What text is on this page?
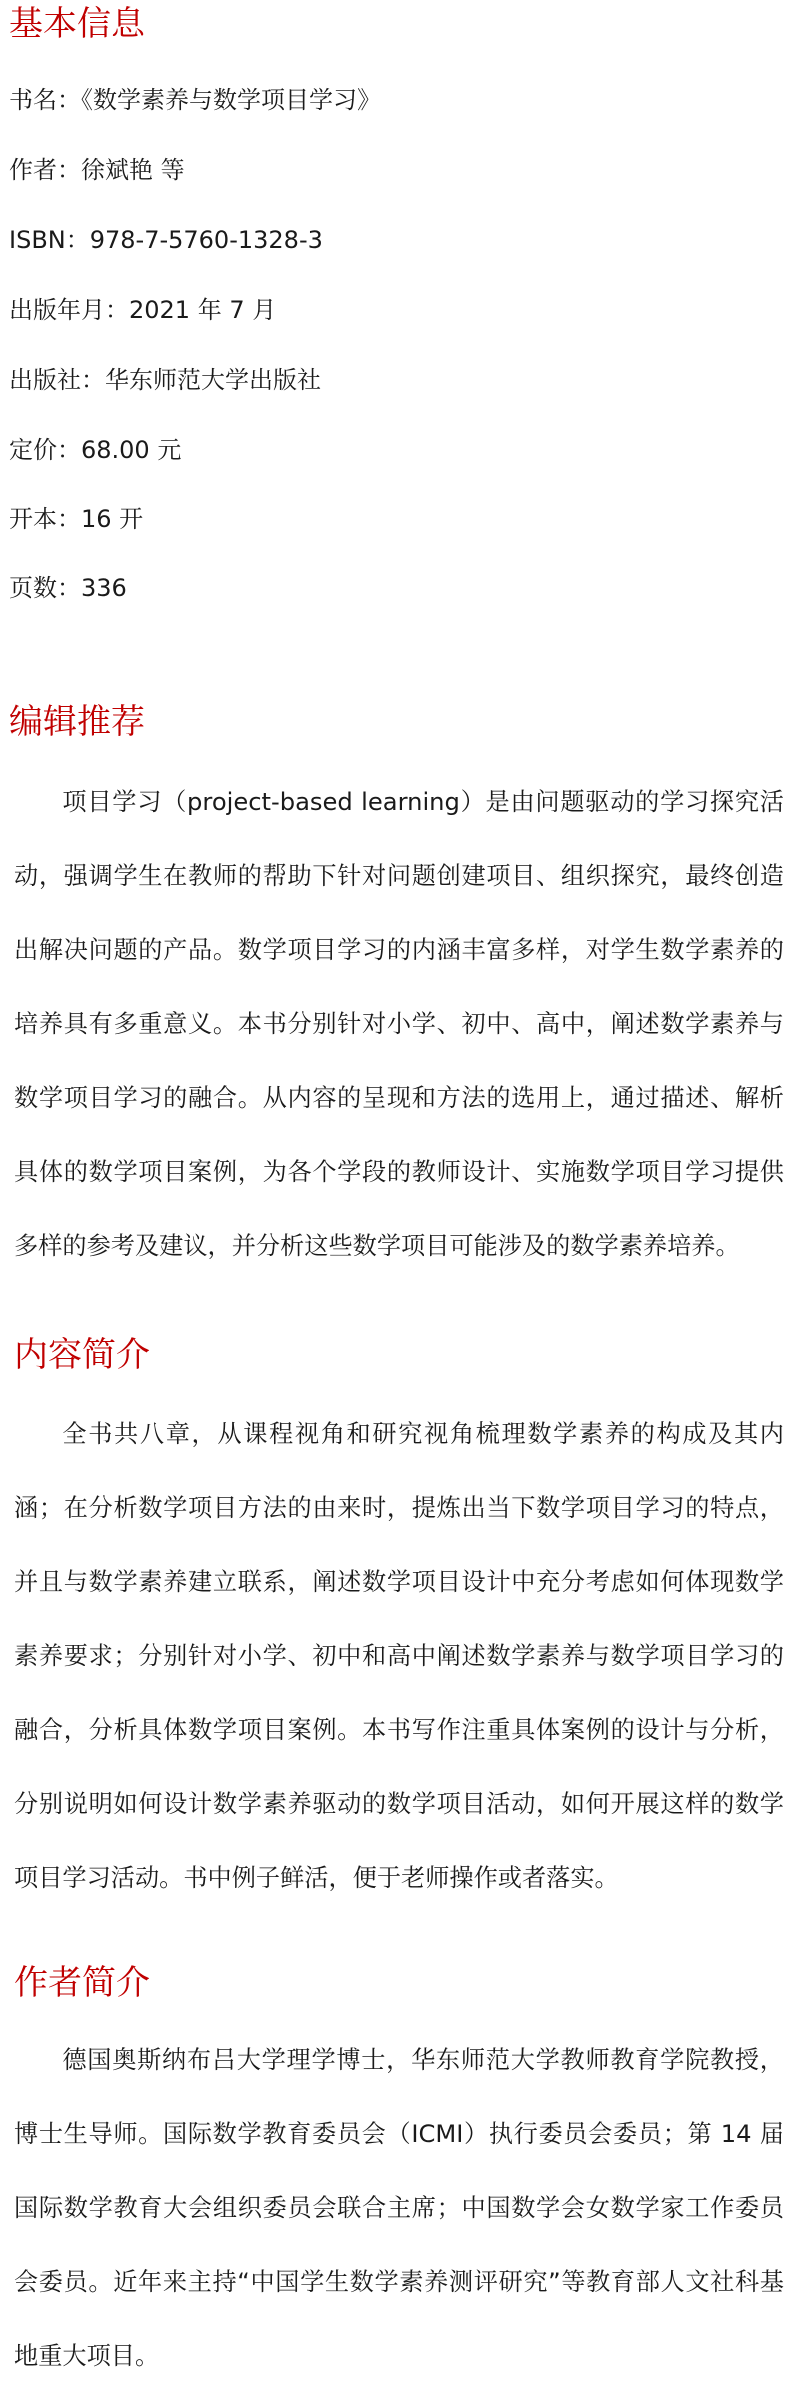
基本信息

书名：《数学素养与数学项目学习》

作者：徐斌艳 等

ISBN：978-7-5760-1328-3

出版年月：2021 年 7 月

出版社：华东师范大学出版社

定价：68.00 元

开本：16 开

页数：336

编辑推荐

项目学习（project-based learning）是由问题驱动的学习探究活动，强调学生在教师的帮助下针对问题创建项目、组织探究，最终创造出解决问题的产品。数学项目学习的内涵丰富多样，对学生数学素养的培养具有多重意义。本书分别针对小学、初中、高中，阐述数学素养与数学项目学习的融合。从内容的呈现和方法的选用上，通过描述、解析具体的数学项目案例，为各个学段的教师设计、实施数学项目学习提供多样的参考及建议，并分析这些数学项目可能涉及的数学素养培养。

内容简介

全书共八章，从课程视角和研究视角梳理数学素养的构成及其内涵；在分析数学项目方法的由来时，提炼出当下数学项目学习的特点，并且与数学素养建立联系，阐述数学项目设计中充分考虑如何体现数学素养要求；分别针对小学、初中和高中阐述数学素养与数学项目学习的融合，分析具体数学项目案例。本书写作注重具体案例的设计与分析，分别说明如何设计数学素养驱动的数学项目活动，如何开展这样的数学项目学习活动。书中例子鲜活，便于老师操作或者落实。

作者简介

德国奥斯纳布吕大学理学博士，华东师范大学教师教育学院教授，博士生导师。国际数学教育委员会（ICMI）执行委员会委员；第 14 届国际数学教育大会组织委员会联合主席；中国数学会女数学家工作委员会委员。近年来主持“中国学生数学素养测评研究”等教育部人文社科基地重大项目。
